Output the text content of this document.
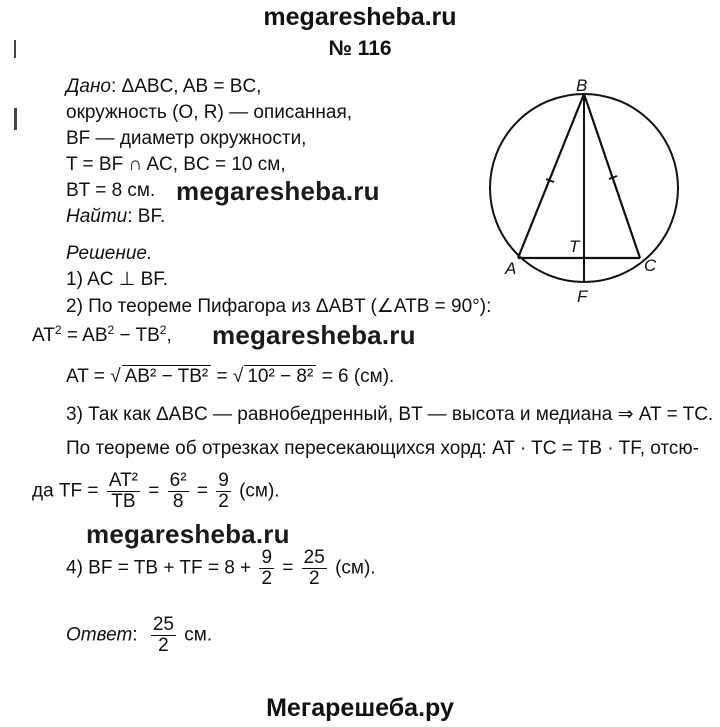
megaresheba.ru
№ 116
Дано: ΔABC, AB = BC,
окружность (O, R) — описанная,
BF — диаметр окружности,
T = BF ∩ AC, BC = 10 см,
BT = 8 см. megaresheba.ru
Найти: BF.
Решение.
1) AC ⊥ BF.
2) По теореме Пифагора из ΔABT (∠ATB = 90°):
$AT^2 = AB^2 - TB^2$, megaresheba.ru
AT = √ AB² − TB² = √ 10² − 8² = 6 (см).
3) Так как ΔABC — равнобедренный, BT — высота и медиана ⇒ AT = TC.
По теореме об отрезках пересекающихся хорд: AT · TC = TB · TF, отсю-
да TF = $\frac{\text{AT²}}{TB} = \frac{\text{6²}}{8} = \frac{9}{2} (см)$.
megaresheba.ru
4) BF = TB + TF = $8 + \frac{9}{2} = \frac{25}{2} (см)$.
Ответ: $\frac{25}{2}$ см.
Мегарешеба.ру
B
A	C
T
F
